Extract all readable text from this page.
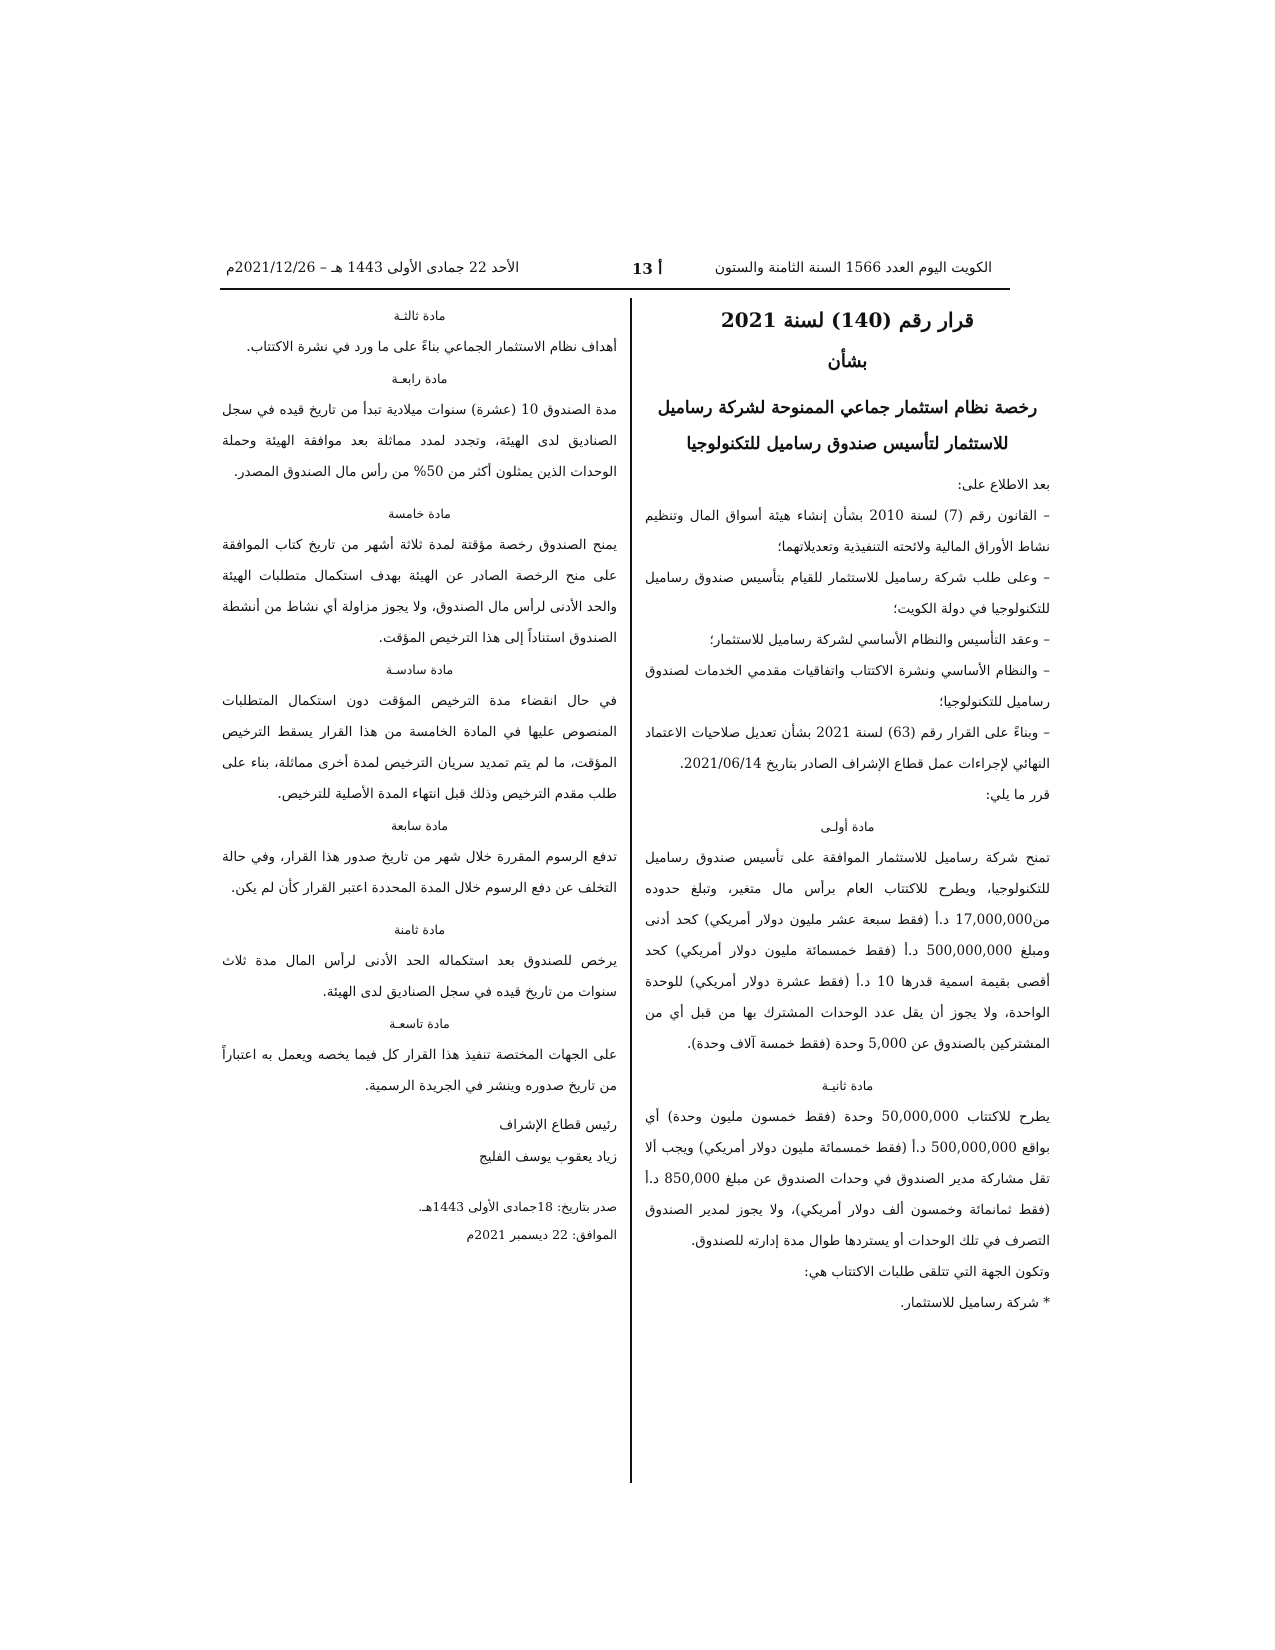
الكويت اليوم العدد 1566 السنة الثامنة والستون
أ 13
الأحد 22 جمادى الأولى 1443 هـ – 2021/12/26م

قرار رقم (140) لسنة 2021

بشأن

رخصة نظام استثمار جماعي الممنوحة لشركة رساميل للاستثمار لتأسيس صندوق رساميل للتكنولوجيا

بعد الاطلاع على:

– القانون رقم (7) لسنة 2010 بشأن إنشاء هيئة أسواق المال وتنظيم نشاط الأوراق المالية ولائحته التنفيذية وتعديلاتهما؛

– وعلى طلب شركة رساميل للاستثمار للقيام بتأسيس صندوق رساميل للتكنولوجيا في دولة الكويت؛

– وعقد التأسيس والنظام الأساسي لشركة رساميل للاستثمار؛

– والنظام الأساسي ونشرة الاكتتاب واتفاقيات مقدمي الخدمات لصندوق رساميل للتكنولوجيا؛

– وبناءً على القرار رقم (63) لسنة 2021 بشأن تعديل صلاحيات الاعتماد النهائي لإجراءات عمل قطاع الإشراف الصادر بتاريخ 2021/06/14.

قرر ما يلي:

مادة أولـى

تمنح شركة رساميل للاستثمار الموافقة على تأسيس صندوق رساميل للتكنولوجيا، ويطرح للاكتتاب العام برأس مال متغير، وتبلغ حدوده من17,000,000 د.أ (فقط سبعة عشر مليون دولار أمريكي) كحد أدنى ومبلغ 500,000,000 د.أ (فقط خمسمائة مليون دولار أمريكي) كحد أقصى بقيمة اسمية قدرها 10 د.أ (فقط عشرة دولار أمريكي) للوحدة الواحدة، ولا يجوز أن يقل عدد الوحدات المشترك بها من قبل أي من المشتركين بالصندوق عن 5,000 وحدة (فقط خمسة آلاف وحدة).

مادة ثانيـة

يطرح للاكتتاب 50,000,000 وحدة (فقط خمسون مليون وحدة) أي بواقع 500,000,000 د.أ (فقط خمسمائة مليون دولار أمريكي) ويجب ألا تقل مشاركة مدير الصندوق في وحدات الصندوق عن مبلغ 850,000 د.أ (فقط ثمانمائة وخمسون ألف دولار أمريكي)، ولا يجوز لمدير الصندوق التصرف في تلك الوحدات أو يستردها طوال مدة إدارته للصندوق.

وتكون الجهة التي تتلقى طلبات الاكتتاب هي:

* شركة رساميل للاستثمار.

مادة ثالثـة

أهداف نظام الاستثمار الجماعي بناءً على ما ورد في نشرة الاكتتاب.

مادة رابعـة

مدة الصندوق 10 (عشرة) سنوات ميلادية تبدأ من تاريخ قيده في سجل الصناديق لدى الهيئة، وتجدد لمدد مماثلة بعد موافقة الهيئة وحملة الوحدات الذين يمثلون أكثر من 50% من رأس مال الصندوق المصدر.

مادة خامسة

يمنح الصندوق رخصة مؤقتة لمدة ثلاثة أشهر من تاريخ كتاب الموافقة على منح الرخصة الصادر عن الهيئة بهدف استكمال متطلبات الهيئة والحد الأدنى لرأس مال الصندوق، ولا يجوز مزاولة أي نشاط من أنشطة الصندوق استناداً إلى هذا الترخيص المؤقت.

مادة سادسـة

في حال انقضاء مدة الترخيص المؤقت دون استكمال المتطلبات المنصوص عليها في المادة الخامسة من هذا القرار يسقط الترخيص المؤقت، ما لم يتم تمديد سريان الترخيص لمدة أخرى مماثلة، بناء على طلب مقدم الترخيص وذلك قبل انتهاء المدة الأصلية للترخيص.

مادة سابعة

تدفع الرسوم المقررة خلال شهر من تاريخ صدور هذا القرار، وفي حالة التخلف عن دفع الرسوم خلال المدة المحددة اعتبر القرار كأن لم يكن.

مادة ثامنة

يرخص للصندوق بعد استكماله الحد الأدنى لرأس المال مدة ثلاث سنوات من تاريخ قيده في سجل الصناديق لدى الهيئة.

مادة تاسعـة

على الجهات المختصة تنفيذ هذا القرار كل فيما يخصه ويعمل به اعتباراً من تاريخ صدوره وينشر في الجريدة الرسمية.

رئيس قطاع الإشراف

زياد يعقوب يوسف الفليج

صدر بتاريخ: 18جمادى الأولى 1443هـ.

الموافق: 22 ديسمبر 2021م
